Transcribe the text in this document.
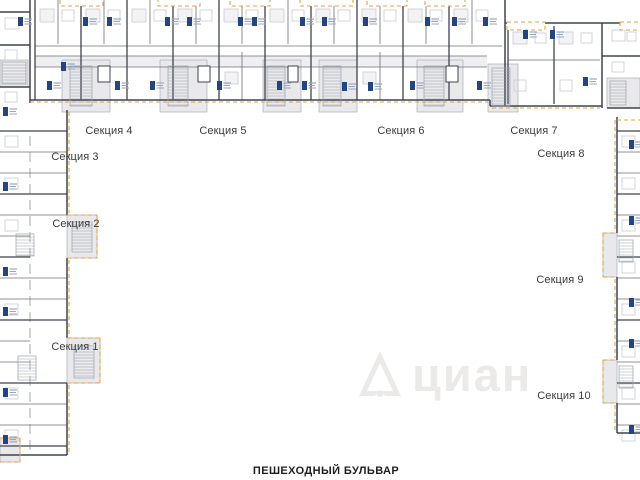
Секция 1
Секция 2
Секция 3
Секция 4	Секция 5	Секция 6	Секция 7
Секция 8
Секция 9
Секция 10
циан
ПЕШЕХОДНЫЙ БУЛЬВАР
